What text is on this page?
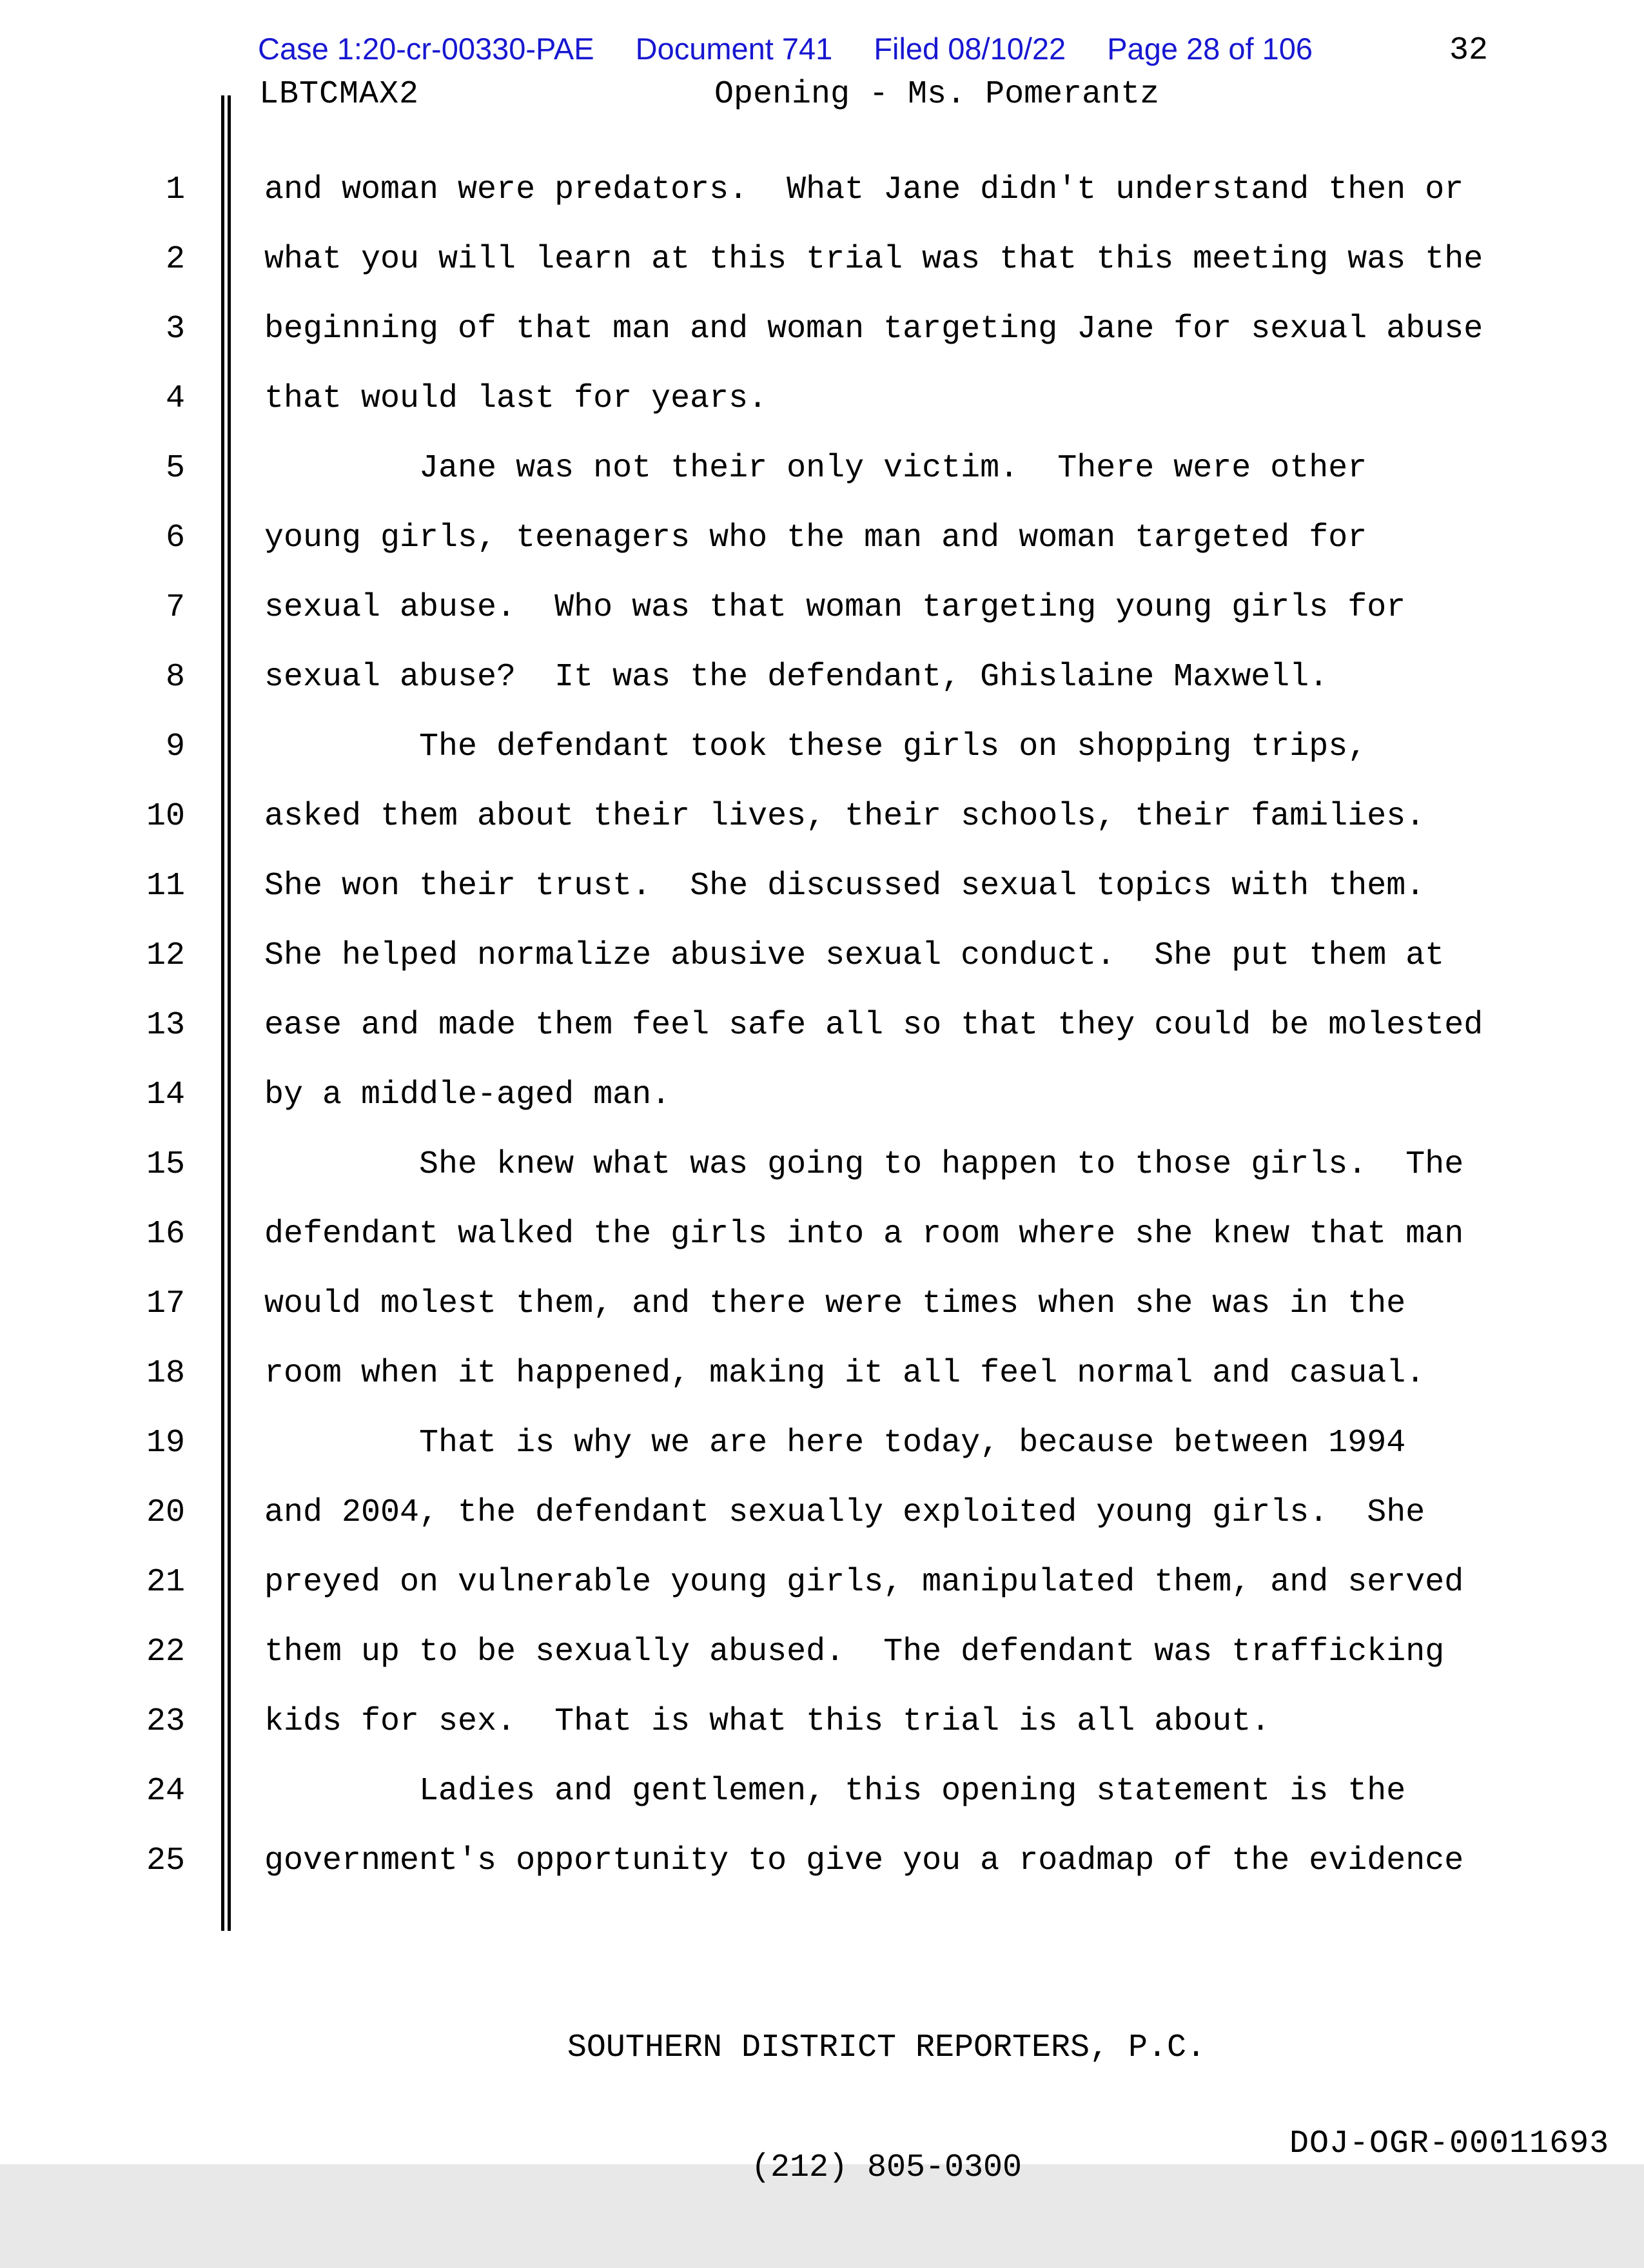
Case 1:20-cr-00330-PAE Document 741 Filed 08/10/22 Page 28 of 106	32
LBTCMAX2	Opening - Ms. Pomerantz
1 and woman were predators.  What Jane didn't understand then or
2 what you will learn at this trial was that this meeting was the
3 beginning of that man and woman targeting Jane for sexual abuse
4 that would last for years.
5 Jane was not their only victim.  There were other
6 young girls, teenagers who the man and woman targeted for
7 sexual abuse.  Who was that woman targeting young girls for
8 sexual abuse?  It was the defendant, Ghislaine Maxwell.
9 The defendant took these girls on shopping trips,
10 asked them about their lives, their schools, their families.
11 She won their trust.  She discussed sexual topics with them.
12 She helped normalize abusive sexual conduct.  She put them at
13 ease and made them feel safe all so that they could be molested
14 by a middle-aged man.
15 She knew what was going to happen to those girls.  The
16 defendant walked the girls into a room where she knew that man
17 would molest them, and there were times when she was in the
18 room when it happened, making it all feel normal and casual.
19 That is why we are here today, because between 1994
20 and 2004, the defendant sexually exploited young girls.  She
21 preyed on vulnerable young girls, manipulated them, and served
22 them up to be sexually abused.  The defendant was trafficking
23 kids for sex.  That is what this trial is all about.
24 Ladies and gentlemen, this opening statement is the
25 government's opportunity to give you a roadmap of the evidence

SOUTHERN DISTRICT REPORTERS, P.C.

(212) 805-0300

DOJ-OGR-00011693
